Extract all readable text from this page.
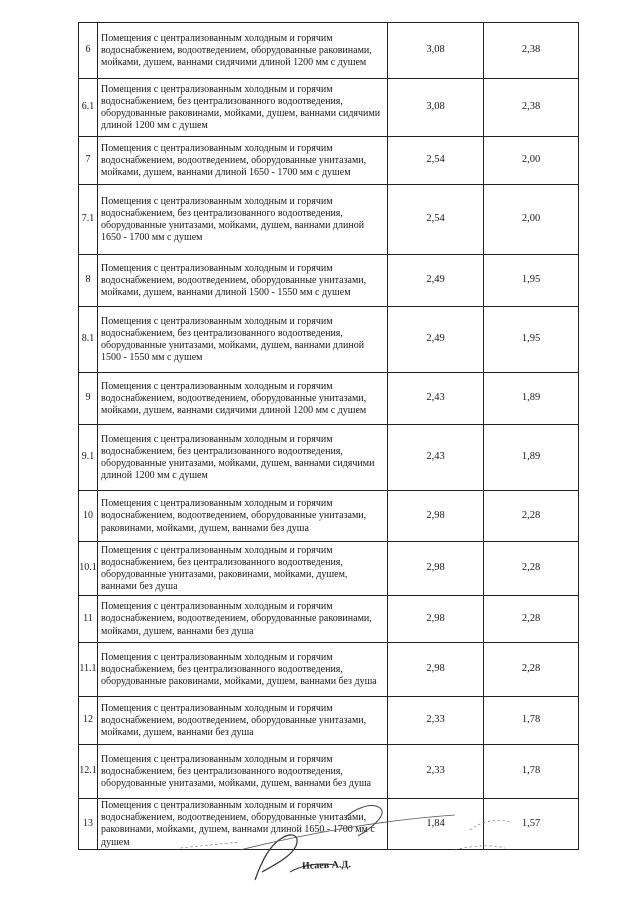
6	Помещения с централизованным холодным и горячим водоснабжением, водоотведением, оборудованные раковинами, мойками, душем, ваннами сидячими длиной 1200 мм с душем	3,08	2,38
6.1	Помещения с централизованным холодным и горячим водоснабжением, без централизованного водоотведения, оборудованные раковинами, мойками, душем, ваннами сидячими длиной 1200 мм с душем	3,08	2,38
7	Помещения с централизованным холодным и горячим водоснабжением, водоотведением, оборудованные унитазами, мойками, душем, ваннами длиной 1650 - 1700 мм с душем	2,54	2,00
7.1	Помещения с централизованным холодным и горячим водоснабжением, без централизованного водоотведения, оборудованные унитазами, мойками, душем, ваннами длиной 1650 - 1700 мм с душем	2,54	2,00
8	Помещения с централизованным холодным и горячим водоснабжением, водоотведением, оборудованные унитазами, мойками, душем, ваннами длиной 1500 - 1550 мм с душем	2,49	1,95
8.1	Помещения с централизованным холодным и горячим водоснабжением, без централизованного водоотведения, оборудованные унитазами, мойками, душем, ваннами длиной 1500 - 1550 мм с душем	2,49	1,95
9	Помещения с централизованным холодным и горячим водоснабжением, водоотведением, оборудованные унитазами, мойками, душем, ваннами сидячими длиной 1200 мм с душем	2,43	1,89
9.1	Помещения с централизованным холодным и горячим водоснабжением, без централизованного водоотведения, оборудованные унитазами, мойками, душем, ваннами сидячими длиной 1200 мм с душем	2,43	1,89
10	Помещения с централизованным холодным и горячим водоснабжением, водоотведением, оборудованные унитазами, раковинами, мойками, душем, ваннами без душа	2,98	2,28
10.1	Помещения с централизованным холодным и горячим водоснабжением, без централизованного водоотведения, оборудованные унитазами, раковинами, мойками, душем, ваннами без душа	2,98	2,28
11	Помещения с централизованным холодным и горячим водоснабжением, водоотведением, оборудованные раковинами, мойками, душем, ваннами без душа	2,98	2,28
11.1	Помещения с централизованным холодным и горячим водоснабжением, без централизованного водоотведения, оборудованные раковинами, мойками, душем, ваннами без душа	2,98	2,28
12	Помещения с централизованным холодным и горячим водоснабжением, водоотведением, оборудованные унитазами, мойками, душем, ваннами без душа	2,33	1,78
12.1	Помещения с централизованным холодным и горячим водоснабжением, без централизованного водоотведения, оборудованные унитазами, мойками, душем, ваннами без душа	2,33	1,78
13	Помещения с централизованным холодным и горячим водоснабжением, водоотведением, оборудованные унитазами, раковинами, мойками, душем, ваннами длиной 1650 - 1700 мм с душем	1,84	1,57
Исаев А.Д.
